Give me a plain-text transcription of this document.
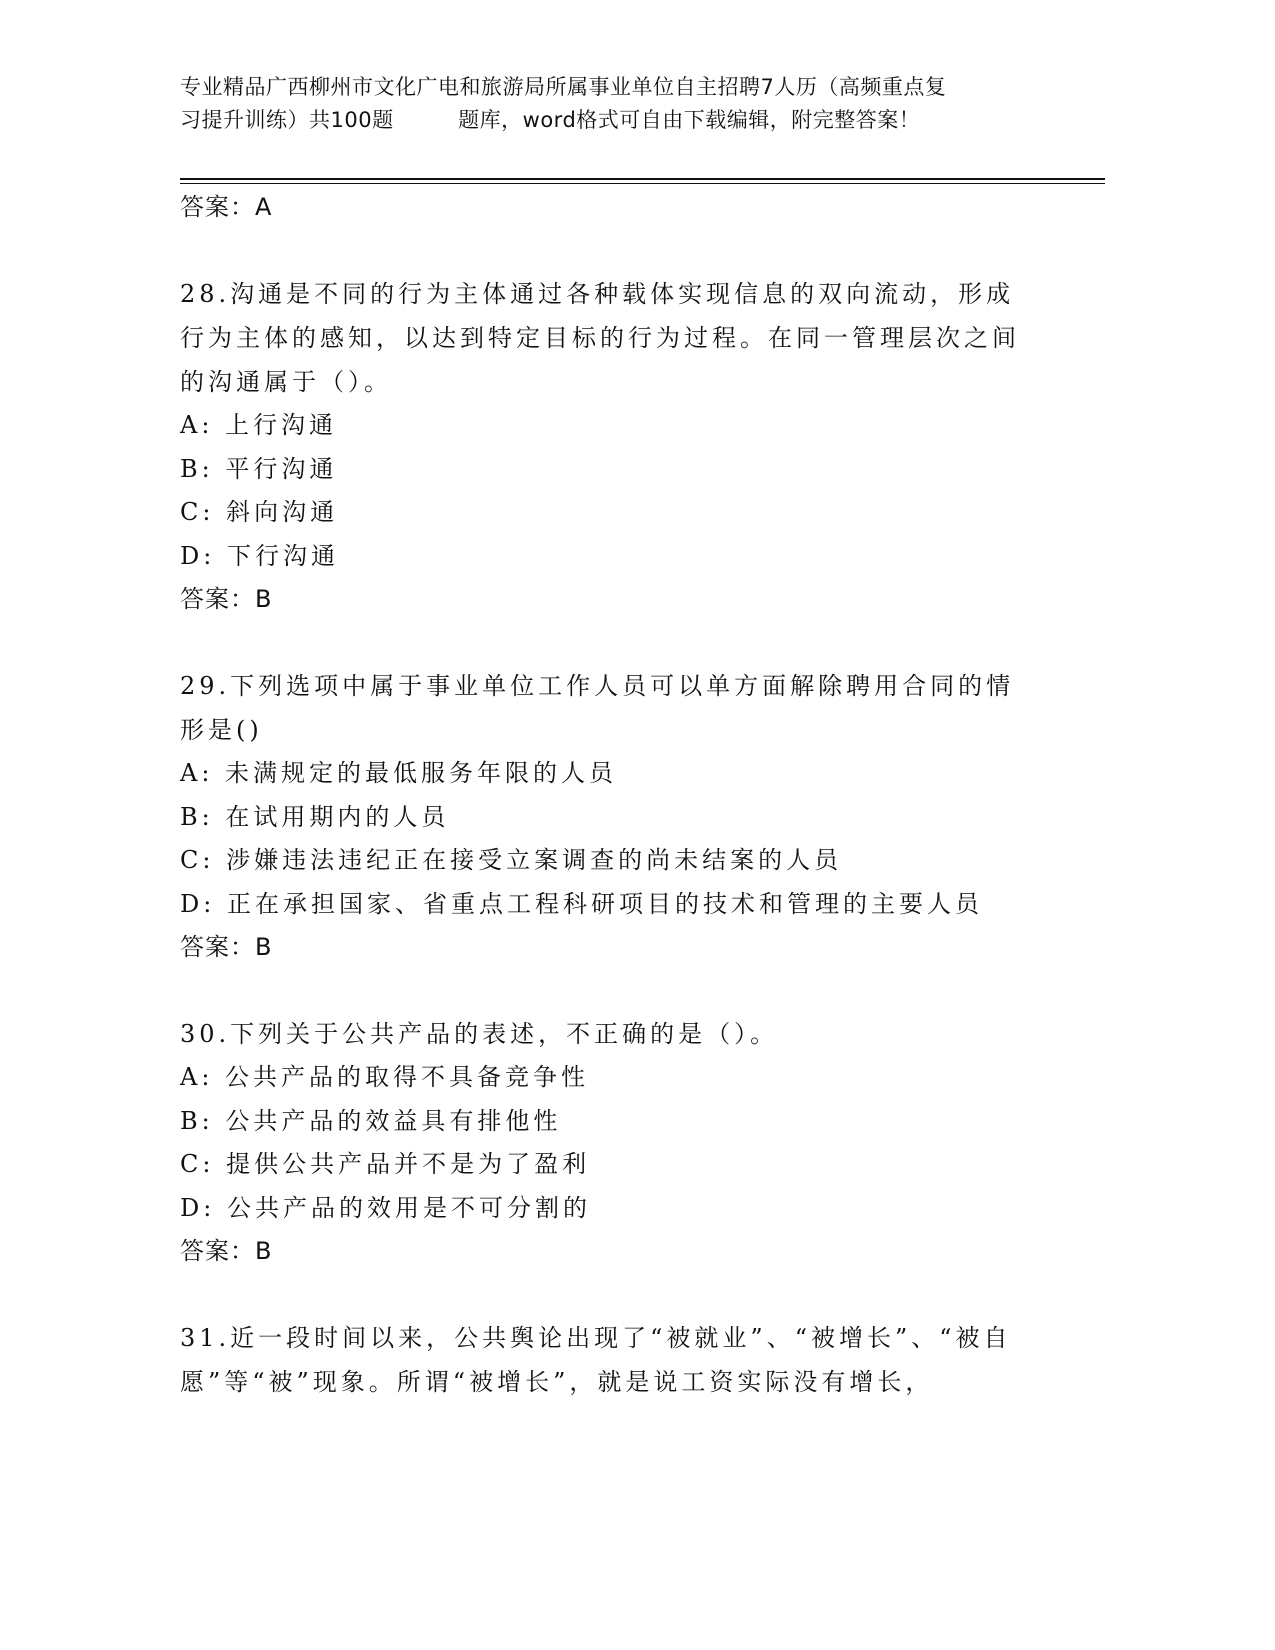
专业精品广西柳州市文化广电和旅游局所属事业单位自主招聘7人历（高频重点复
习提升训练）共100题         题库，word格式可自由下载编辑，附完整答案！
答案：A
28.沟通是不同的行为主体通过各种载体实现信息的双向流动，形成行为主体的感知，以达到特定目标的行为过程。在同一管理层次之间的沟通属于（）。
A: 上行沟通
B: 平行沟通
C: 斜向沟通
D: 下行沟通
答案：B
29.下列选项中属于事业单位工作人员可以单方面解除聘用合同的情形是()
A: 未满规定的最低服务年限的人员
B: 在试用期内的人员
C: 涉嫌违法违纪正在接受立案调查的尚未结案的人员
D: 正在承担国家、省重点工程科研项目的技术和管理的主要人员
答案：B
30.下列关于公共产品的表述，不正确的是（）。
A: 公共产品的取得不具备竞争性
B: 公共产品的效益具有排他性
C: 提供公共产品并不是为了盈利
D: 公共产品的效用是不可分割的
答案：B
31.近一段时间以来，公共舆论出现了“被就业”、“被增长”、“被自愿”等“被”现象。所谓“被增长”，就是说工资实际没有增长，
